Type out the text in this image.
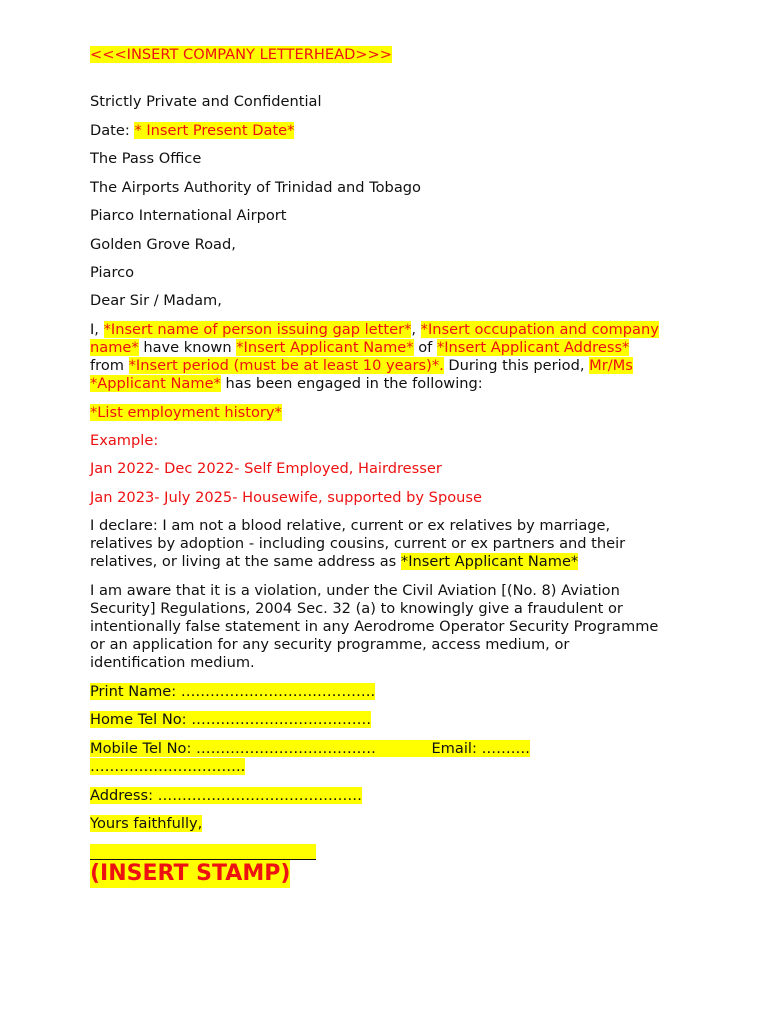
<<<INSERT COMPANY LETTERHEAD>>>
Strictly Private and Confidential
Date: * Insert Present Date*
The Pass Office
The Airports Authority of Trinidad and Tobago
Piarco International Airport
Golden Grove Road,
Piarco
Dear Sir / Madam,
I, *Insert name of person issuing gap letter*, *Insert occupation and company
name* have known *Insert Applicant Name* of *Insert Applicant Address*
from *Insert period (must be at least 10 years)*. During this period, Mr/Ms
*Applicant Name* has been engaged in the following:
*List employment history*
Example:
Jan 2022- Dec 2022- Self Employed, Hairdresser
Jan 2023- July 2025- Housewife, supported by Spouse
I declare: I am not a blood relative, current or ex relatives by marriage,
relatives by adoption - including cousins, current or ex partners and their
relatives, or living at the same address as *Insert Applicant Name*
I am aware that it is a violation, under the Civil Aviation [(No. 8) Aviation
Security] Regulations, 2004 Sec. 32 (a) to knowingly give a fraudulent or
intentionally false statement in any Aerodrome Operator Security Programme
or an application for any security programme, access medium, or
identification medium.
Print Name: ………………………………….
Home Tel No: ……………………………….
Mobile Tel No: ……………………………….            Email: ……….
…………………………..
Address: ……………………………………
Yours faithfully,
(INSERT STAMP)
